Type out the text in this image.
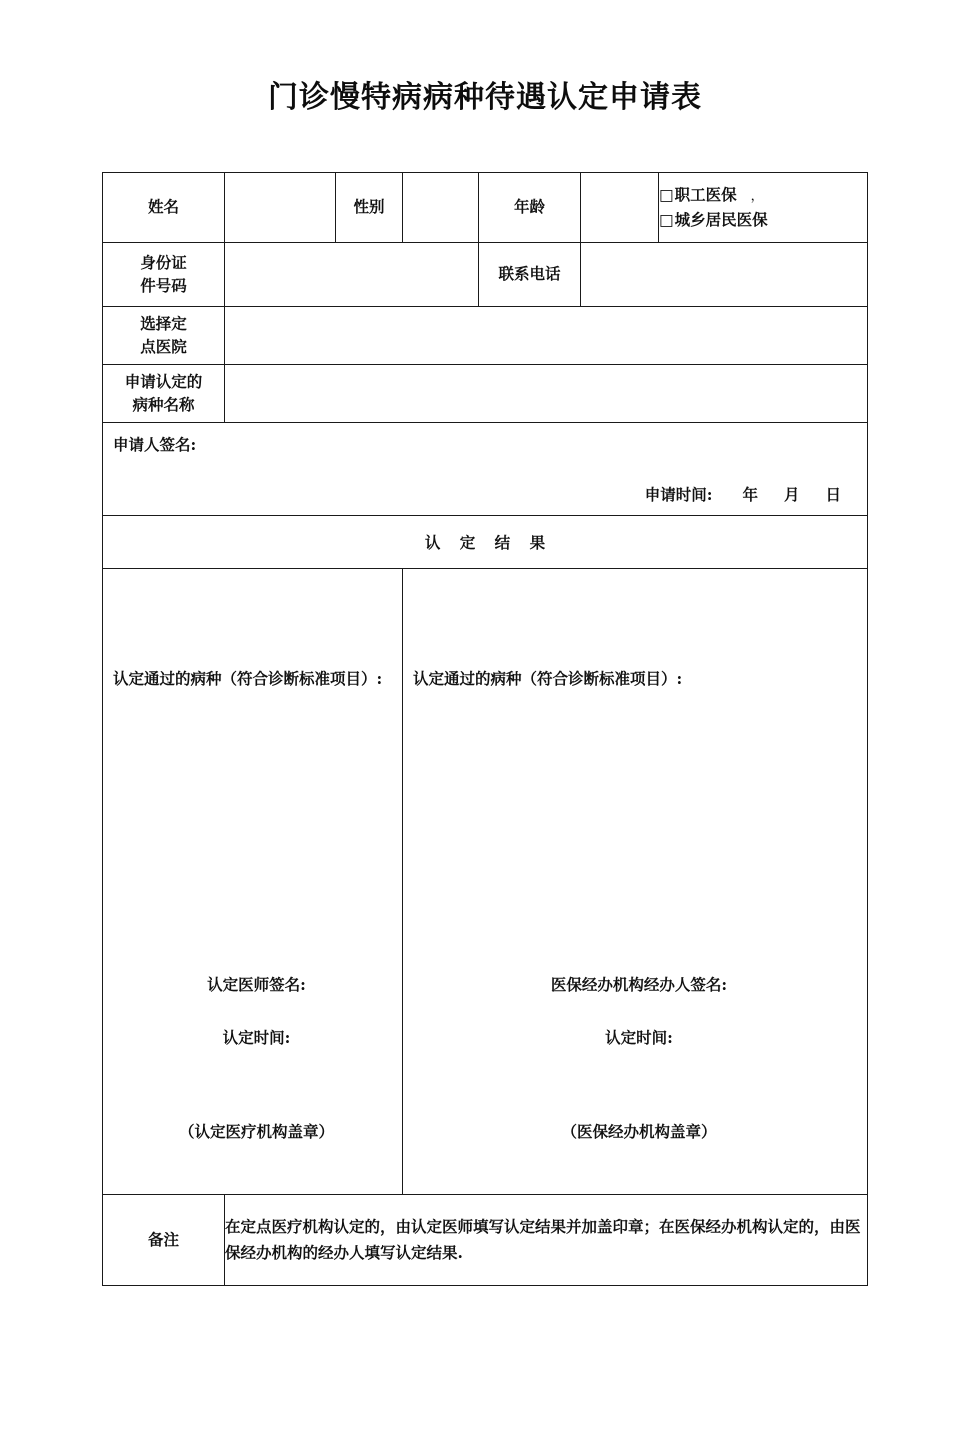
门诊慢特病病种待遇认定申请表
姓名		性别		年龄		□职工医保 ，
□城乡居民医保

身份证
件号码				联系电话		

选择定
点医院						

申请认定的
病种名称						

申请人签名:
申请时间: 年 月 日						

认 定 结 果						

认定通过的病种（符合诊断标准项目）:
认定医师签名:
认定时间:
（认定医疗机构盖章）

认定通过的病种（符合诊断标准项目）:
医保经办机构经办人签名:
认定时间:
（医保经办机构盖章）

备注	在定点医疗机构认定的，由认定医师填写认定结果并加盖印章；在医保经办机构认定的，由医保经办机构的经办人填写认定结果.					
